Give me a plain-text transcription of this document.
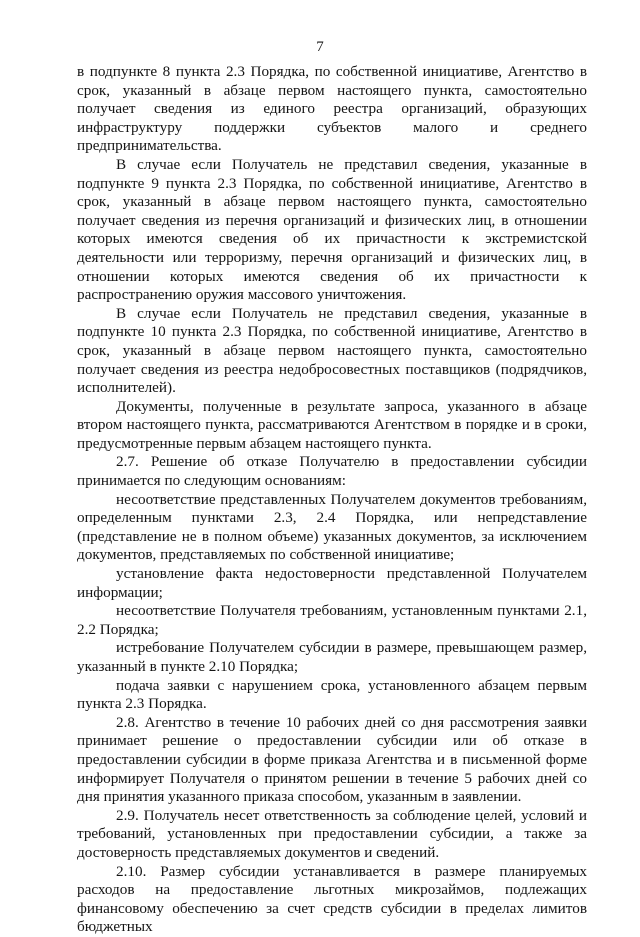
7

в подпункте 8 пункта 2.3 Порядка, по собственной инициативе, Агентство в срок, указанный в абзаце первом настоящего пункта, самостоятельно получает сведения из единого реестра организаций, образующих инфраструктуру поддержки субъектов малого и среднего предпринимательства.

В случае если Получатель не представил сведения, указанные в подпункте 9 пункта 2.3 Порядка, по собственной инициативе, Агентство в срок, указанный в абзаце первом настоящего пункта, самостоятельно получает сведения из перечня организаций и физических лиц, в отношении которых имеются сведения об их причастности к экстремистской деятельности или терроризму, перечня организаций и физических лиц, в отношении которых имеются сведения об их причастности к распространению оружия массового уничтожения.

В случае если Получатель не представил сведения, указанные в подпункте 10 пункта 2.3 Порядка, по собственной инициативе, Агентство в срок, указанный в абзаце первом настоящего пункта, самостоятельно получает сведения из реестра недобросовестных поставщиков (подрядчиков, исполнителей).

Документы, полученные в результате запроса, указанного в абзаце втором настоящего пункта, рассматриваются Агентством в порядке и в сроки, предусмотренные первым абзацем настоящего пункта.

2.7. Решение об отказе Получателю в предоставлении субсидии принимается по следующим основаниям:

несоответствие представленных Получателем документов требованиям, определенным пунктами 2.3, 2.4 Порядка, или непредставление (представление не в полном объеме) указанных документов, за исключением документов, представляемых по собственной инициативе;

установление факта недостоверности представленной Получателем информации;

несоответствие Получателя требованиям, установленным пунктами 2.1, 2.2 Порядка;

истребование Получателем субсидии в размере, превышающем размер, указанный в пункте 2.10 Порядка;

подача заявки с нарушением срока, установленного абзацем первым пункта 2.3 Порядка.

2.8. Агентство в течение 10 рабочих дней со дня рассмотрения заявки принимает решение о предоставлении субсидии или об отказе в предоставлении субсидии в форме приказа Агентства и в письменной форме информирует Получателя о принятом решении в течение 5 рабочих дней со дня принятия указанного приказа способом, указанным в заявлении.

2.9. Получатель несет ответственность за соблюдение целей, условий и требований, установленных при предоставлении субсидии, а также за достоверность представляемых документов и сведений.

2.10. Размер субсидии устанавливается в размере планируемых расходов на предоставление льготных микрозаймов, подлежащих финансовому обеспечению за счет средств субсидии в пределах лимитов бюджетных
